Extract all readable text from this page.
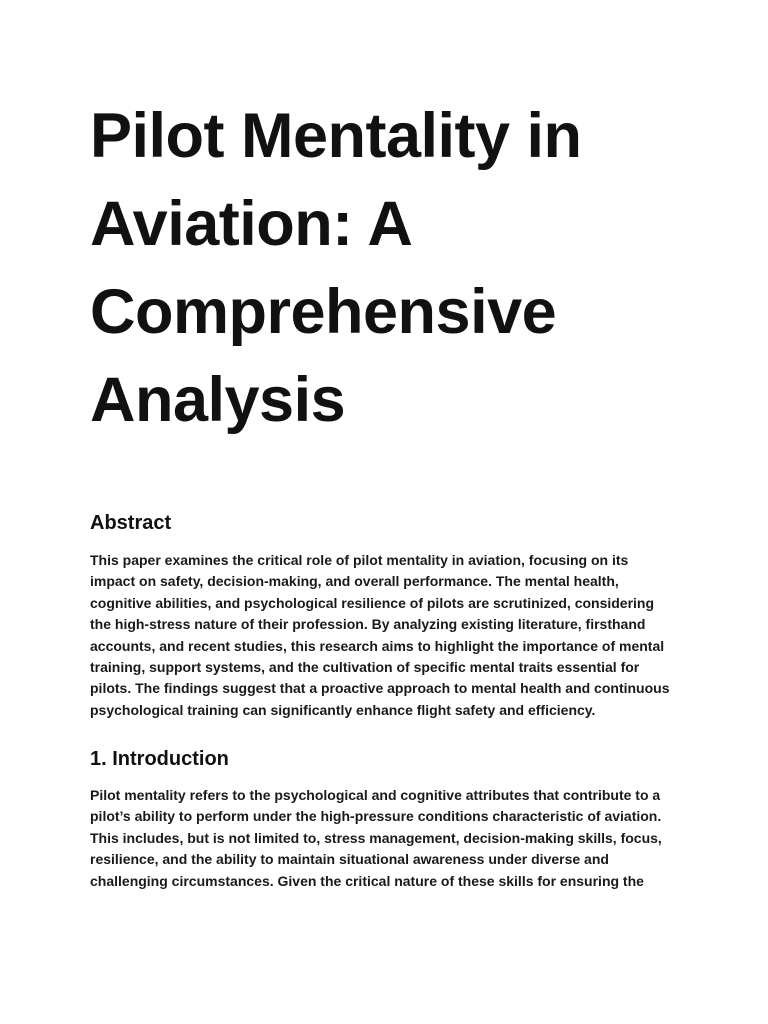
Pilot Mentality in
Aviation: A
Comprehensive
Analysis
Abstract

This paper examines the critical role of pilot mentality in aviation, focusing on its
impact on safety, decision-making, and overall performance. The mental health,
cognitive abilities, and psychological resilience of pilots are scrutinized, considering
the high-stress nature of their profession. By analyzing existing literature, firsthand
accounts, and recent studies, this research aims to highlight the importance of mental
training, support systems, and the cultivation of specific mental traits essential for
pilots. The findings suggest that a proactive approach to mental health and continuous
psychological training can significantly enhance flight safety and efficiency.

1. Introduction

Pilot mentality refers to the psychological and cognitive attributes that contribute to a
pilot’s ability to perform under the high-pressure conditions characteristic of aviation.
This includes, but is not limited to, stress management, decision-making skills, focus,
resilience, and the ability to maintain situational awareness under diverse and
challenging circumstances. Given the critical nature of these skills for ensuring the
